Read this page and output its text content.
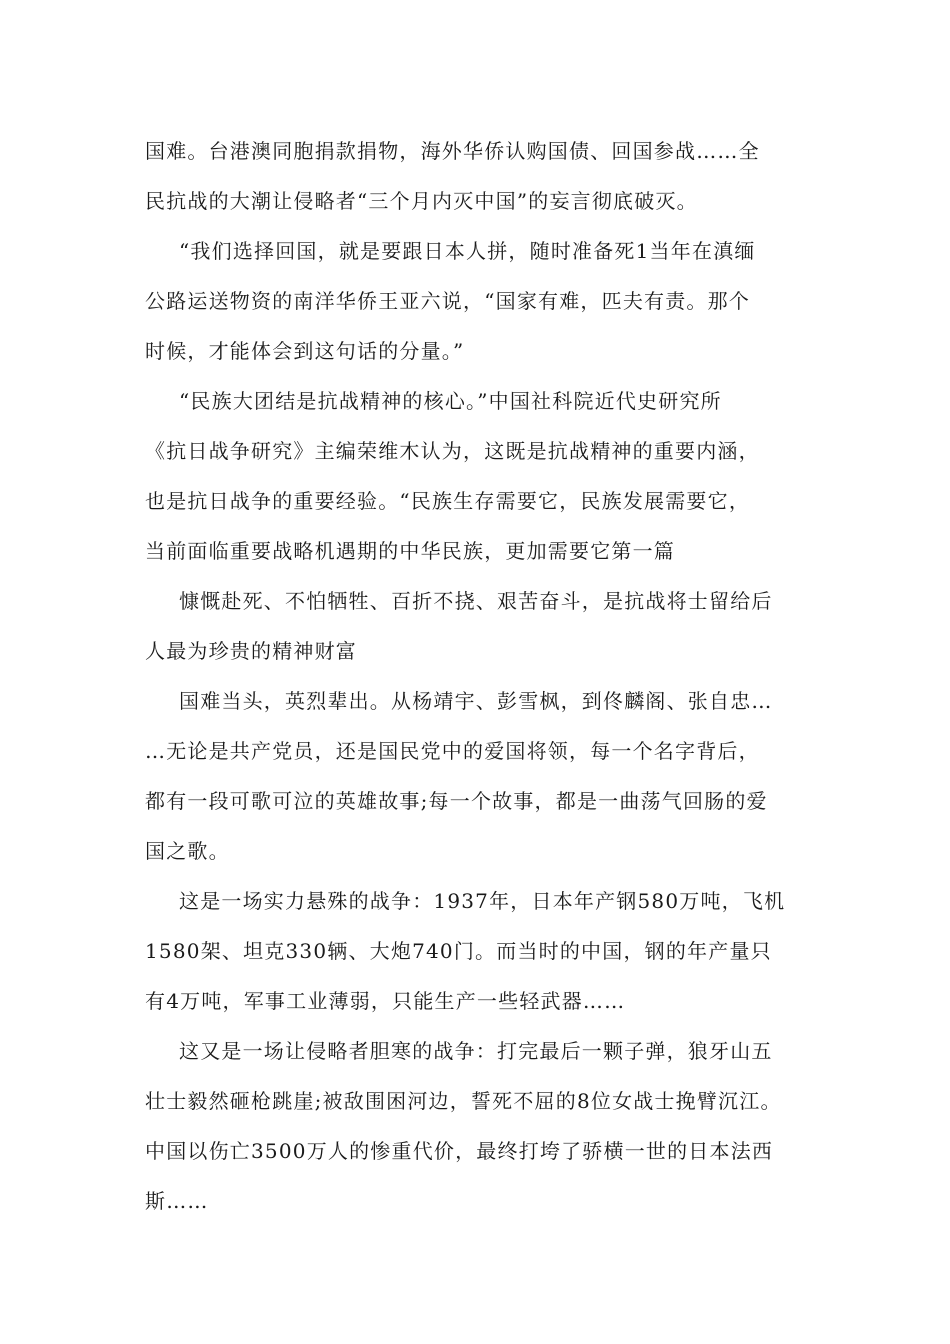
国难。台港澳同胞捐款捐物，海外华侨认购国债、回国参战……全
民抗战的大潮让侵略者“三个月内灭中国”的妄言彻底破灭。
“我们选择回国，就是要跟日本人拼，随时准备死1当年在滇缅
公路运送物资的南洋华侨王亚六说，“国家有难，匹夫有责。那个
时候，才能体会到这句话的分量。”
“民族大团结是抗战精神的核心。”中国社科院近代史研究所
《抗日战争研究》主编荣维木认为，这既是抗战精神的重要内涵，
也是抗日战争的重要经验。“民族生存需要它，民族发展需要它，
当前面临重要战略机遇期的中华民族，更加需要它第一篇
慷慨赴死、不怕牺牲、百折不挠、艰苦奋斗，是抗战将士留给后
人最为珍贵的精神财富
国难当头，英烈辈出。从杨靖宇、彭雪枫，到佟麟阁、张自忠…
…无论是共产党员，还是国民党中的爱国将领，每一个名字背后，
都有一段可歌可泣的英雄故事;每一个故事，都是一曲荡气回肠的爱
国之歌。
这是一场实力悬殊的战争：1937年，日本年产钢580万吨，飞机
1580架、坦克330辆、大炮740门。而当时的中国，钢的年产量只
有4万吨，军事工业薄弱，只能生产一些轻武器……
这又是一场让侵略者胆寒的战争：打完最后一颗子弹，狼牙山五
壮士毅然砸枪跳崖;被敌围困河边，誓死不屈的8位女战士挽臂沉江。
中国以伤亡3500万人的惨重代价，最终打垮了骄横一世的日本法西
斯……
